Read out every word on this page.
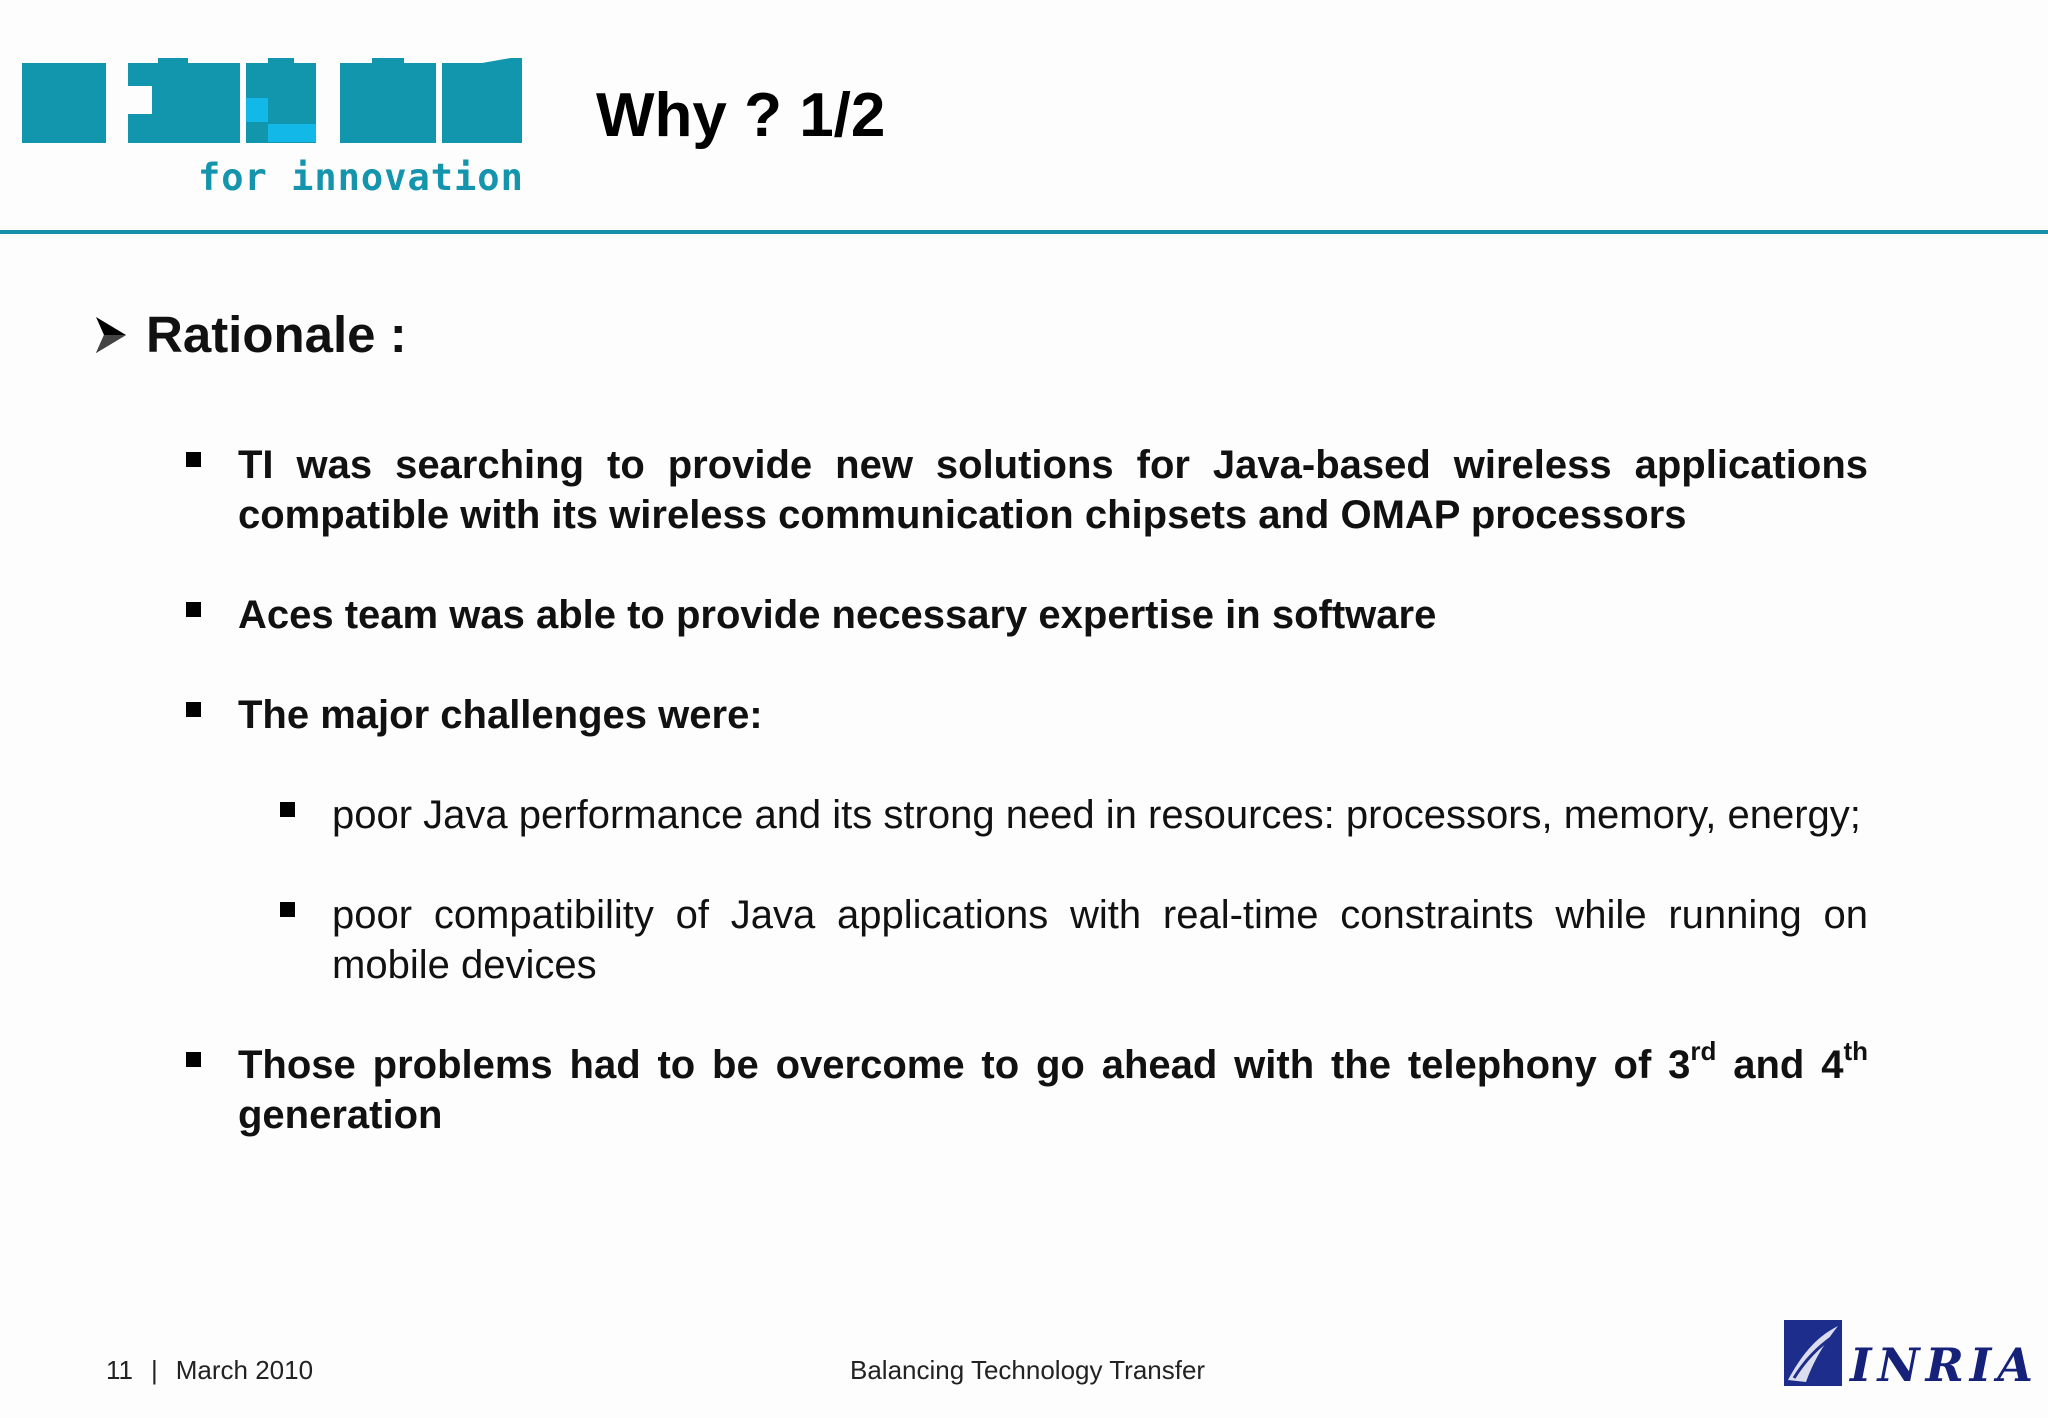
for innovation
Why ? 1/2
Rationale :
TI was searching to provide new solutions for Java-based wireless applications compatible with its wireless communication chipsets and OMAP processors
Aces team was able to provide necessary expertise in software
The major challenges were:
poor Java performance and its strong need in resources: processors, memory, energy;
poor compatibility of Java applications with real-time constraints while running on mobile devices
Those problems had to be overcome to go ahead with the telephony of 3rd and 4th generation
11 | March 2010	Balancing Technology Transfer	INRIA
